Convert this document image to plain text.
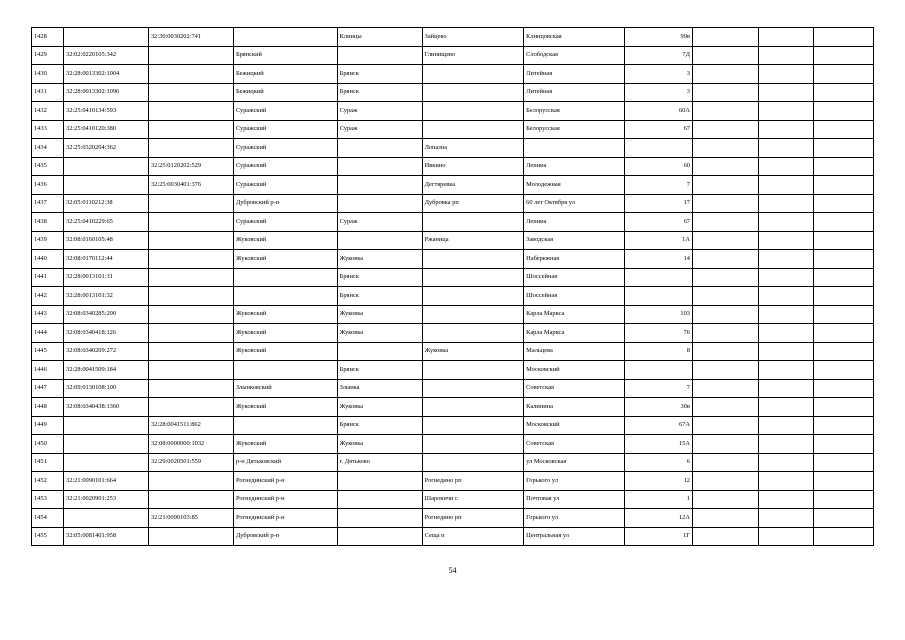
1428		32:30:0030202:741		Клинцы	Зайцево	Клинцовская	99в			
1429	32:02:0220105:342		Брянский		Глинищево	Слободская	7Д			
1430	32:28:0013302:1004		Бежицкий	Брянск		Литейная	3			
1431	32:28:0013302:1096		Бежицкий	Брянск		Литейная	3			
1432	32:25:0410134:593		Суражский	Сураж		Белорусская	60А			
1433	32:25:0410120:380		Суражский	Сураж		Белорусская	67			
1434	32:25:0320204:362		Суражский		Лопазна					
1435		32:25:0120202:529	Суражский		Ивкино	Ленина	60			
1436		32:25:0030401:376	Суражский		Дегтяревка	Молодежная	7			
1437	32:05:0110212:38		Дубровский р-н		Дубровка рп	60 лет Октября ул	17			
1438	32:25:0410229:65		Суражский	Сураж		Ленина	67			
1439	32:08:0160105:48		Жуковский		Ржаница	Заводская	1А			
1440	32:08:0170112:44		Жуковский	Жуковка		Набережная	14			
1441	32:28:0013101:31			Брянск		Шоссейная				
1442	32:28:0013101:32			Брянск		Шоссейная				
1443	32:08:0340285:200		Жуковский	Жуковка		Карла Маркса	103			
1444	32:08:0340418:126		Жуковский	Жуковка		Карла Маркса	76			
1445	32:08:0340209:272		Жуковский		Жуковка	Мальцева	8			
1446	32:28:0041509:184			Брянск		Московский				
1447	32:09:0130108:100		Злынковский	Злынка		Советская	7			
1448	32:08:0340438:1360		Жуковский	Жуковка		Калинина	30в			
1449		32:28:0041511:862		Брянск		Московский	67А			
1450		32:08:0000000:1032	Жуковский	Жуковка		Советская	15А			
1451		32:29:0020501:559	р-н Дятьковский	г. Дятьково		ул Московская	6			
1452	32:21:0090101:664		Рогнединский р-н		Рогнедино рп	Горького ул	12			
1453	32:21:0020901:253		Рогнединский р-н		Шаровичи с	Почтовая ул	1			
1454		32:21:0090103:85	Рогнединский р-н		Рогнедино рп	Горького ул	12А			
1455	32:05:0081401:958		Дубровский р-н		Сеща п	Центральная ул	1Г			
54
